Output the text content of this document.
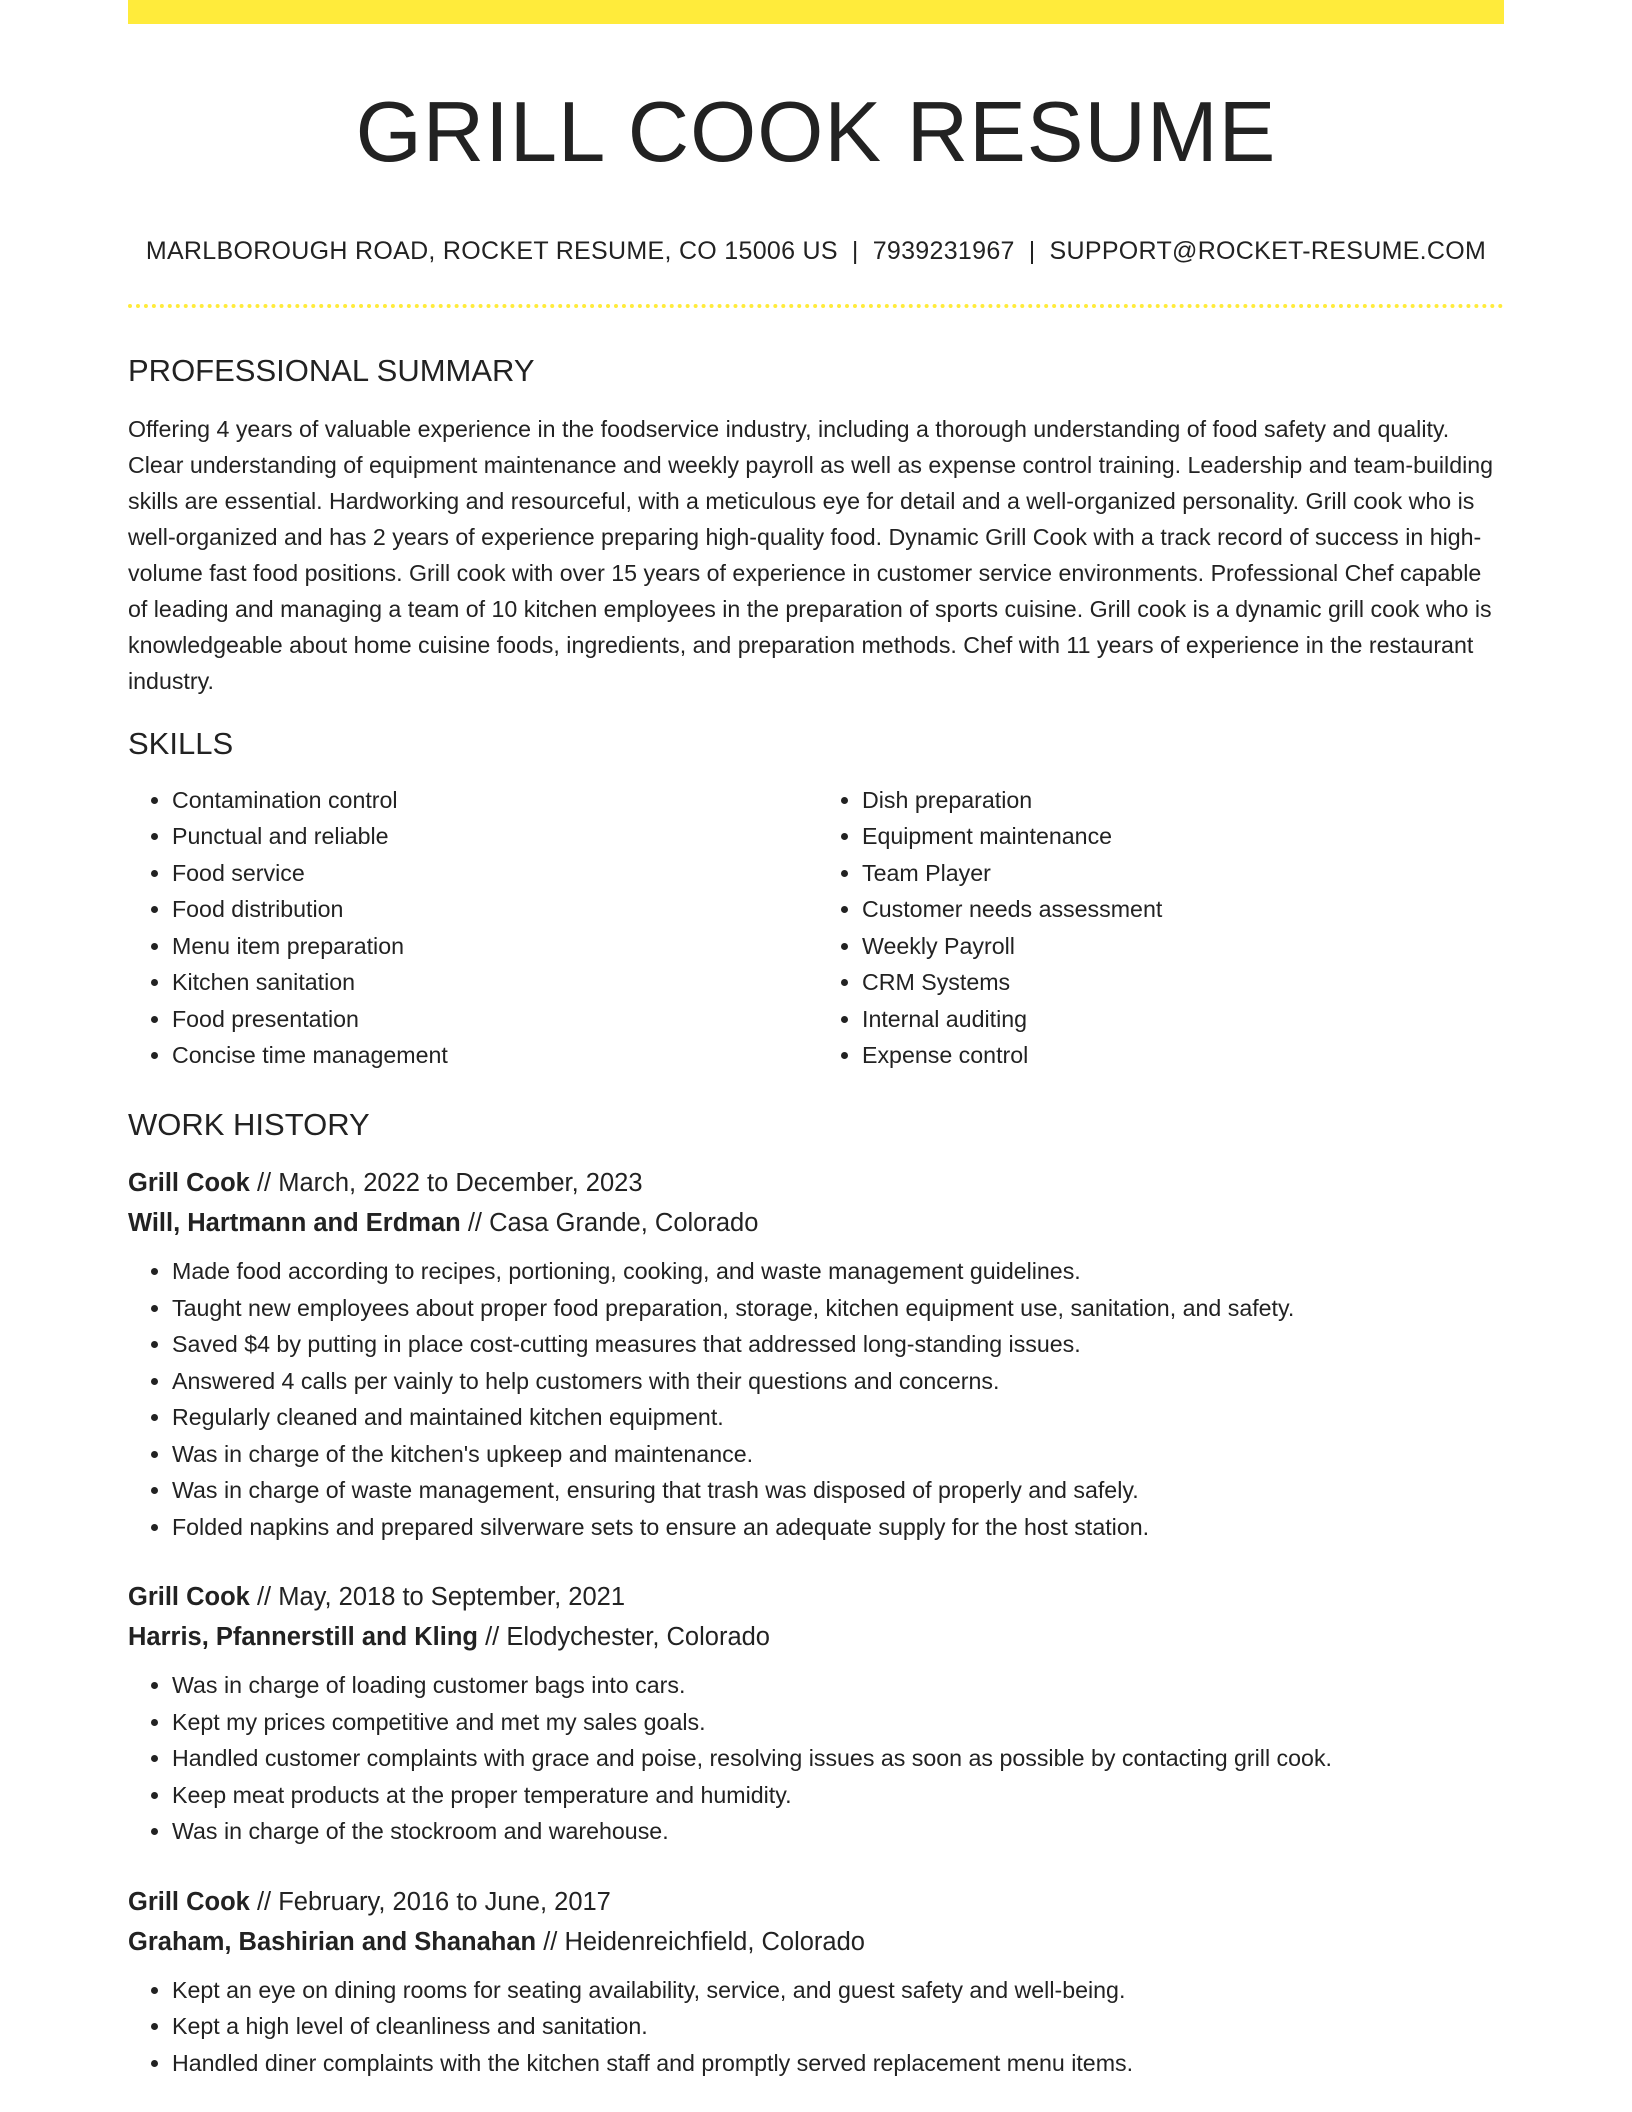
GRILL COOK RESUME
MARLBOROUGH ROAD, ROCKET RESUME, CO 15006 US | 7939231967 | SUPPORT@ROCKET-RESUME.COM
PROFESSIONAL SUMMARY

Offering 4 years of valuable experience in the foodservice industry, including a thorough understanding of food safety and quality. Clear understanding of equipment maintenance and weekly payroll as well as expense control training. Leadership and team-building skills are essential. Hardworking and resourceful, with a meticulous eye for detail and a well-organized personality. Grill cook who is well-organized and has 2 years of experience preparing high-quality food. Dynamic Grill Cook with a track record of success in high-volume fast food positions. Grill cook with over 15 years of experience in customer service environments. Professional Chef capable of leading and managing a team of 10 kitchen employees in the preparation of sports cuisine. Grill cook is a dynamic grill cook who is knowledgeable about home cuisine foods, ingredients, and preparation methods. Chef with 11 years of experience in the restaurant industry.

SKILLS
• Contamination control
• Punctual and reliable
• Food service
• Food distribution
• Menu item preparation
• Kitchen sanitation
• Food presentation
• Concise time management
• Dish preparation
• Equipment maintenance
• Team Player
• Customer needs assessment
• Weekly Payroll
• CRM Systems
• Internal auditing
• Expense control
WORK HISTORY
Grill Cook // March, 2022 to December, 2023
Will, Hartmann and Erdman // Casa Grande, Colorado
• Made food according to recipes, portioning, cooking, and waste management guidelines.
• Taught new employees about proper food preparation, storage, kitchen equipment use, sanitation, and safety.
• Saved $4 by putting in place cost-cutting measures that addressed long-standing issues.
• Answered 4 calls per vainly to help customers with their questions and concerns.
• Regularly cleaned and maintained kitchen equipment.
• Was in charge of the kitchen's upkeep and maintenance.
• Was in charge of waste management, ensuring that trash was disposed of properly and safely.
• Folded napkins and prepared silverware sets to ensure an adequate supply for the host station.
Grill Cook // May, 2018 to September, 2021
Harris, Pfannerstill and Kling // Elodychester, Colorado
• Was in charge of loading customer bags into cars.
• Kept my prices competitive and met my sales goals.
• Handled customer complaints with grace and poise, resolving issues as soon as possible by contacting grill cook.
• Keep meat products at the proper temperature and humidity.
• Was in charge of the stockroom and warehouse.
Grill Cook // February, 2016 to June, 2017
Graham, Bashirian and Shanahan // Heidenreichfield, Colorado
• Kept an eye on dining rooms for seating availability, service, and guest safety and well-being.
• Kept a high level of cleanliness and sanitation.
• Handled diner complaints with the kitchen staff and promptly served replacement menu items.
